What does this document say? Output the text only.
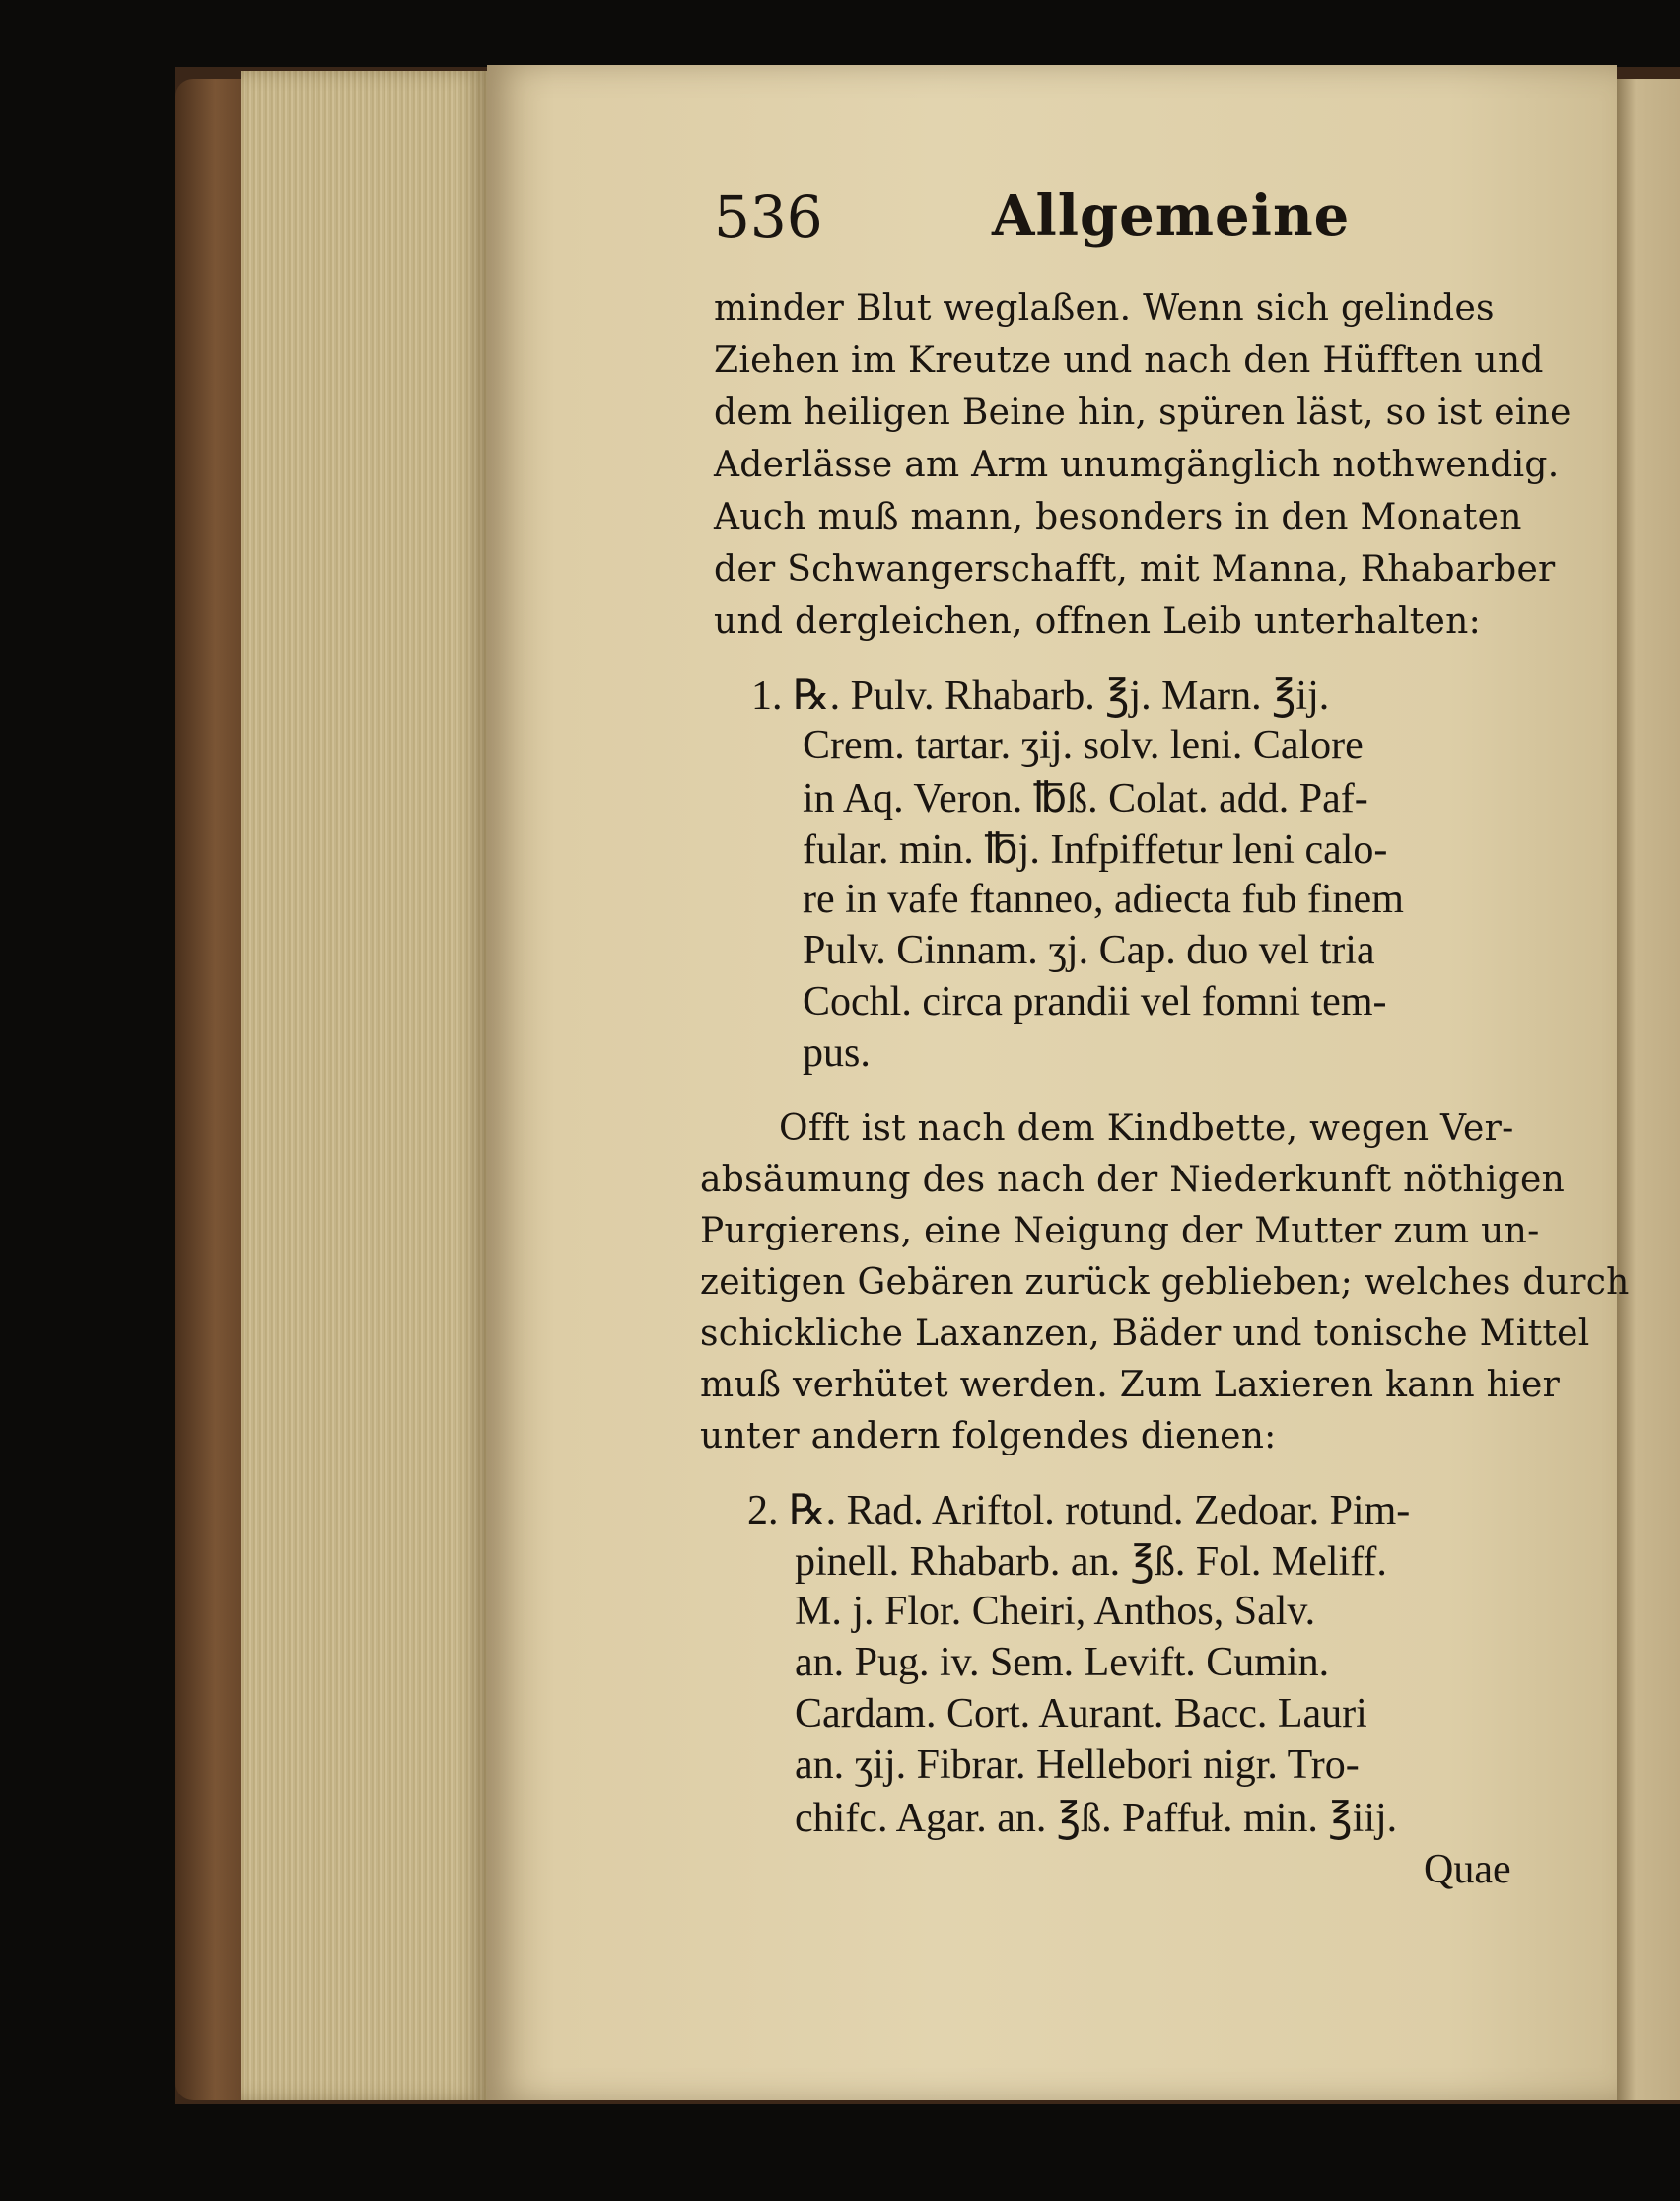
536	Allgemeine
minder Blut weglaßen. Wenn sich gelindes
Ziehen im Kreutze und nach den Hüfften und
dem heiligen Beine hin, spüren läst, so ist eine
Aderlässe am Arm unumgänglich nothwendig.
Auch muß mann, besonders in den Monaten
der Schwangerschafft, mit Manna, Rhabarber
und dergleichen, offnen Leib unterhalten:
1. ℞. Pulv. Rhabarb. ℥j. Marn. ℥ij.
Crem. tartar. ʒij. solv. leni. Calore
in Aq. Veron. ℔ß. Colat. add. Paf-
fular. min. ℔j. Infpiffetur leni calo-
re in vafe ftanneo, adiecta fub finem
Pulv. Cinnam. ʒj. Cap. duo vel tria
Cochl. circa prandii vel fomni tem-
pus.
Offt ist nach dem Kindbette, wegen Ver-
absäumung des nach der Niederkunft nöthigen
Purgierens, eine Neigung der Mutter zum un-
zeitigen Gebären zurück geblieben; welches durch
schickliche Laxanzen, Bäder und tonische Mittel
muß verhütet werden. Zum Laxieren kann hier
unter andern folgendes dienen:
2. ℞. Rad. Ariftol. rotund. Zedoar. Pim-
pinell. Rhabarb. an. ℥ß. Fol. Meliff.
M. j. Flor. Cheiri, Anthos, Salv.
an. Pug. iv. Sem. Levift. Cumin.
Cardam. Cort. Aurant. Bacc. Lauri
an. ʒij. Fibrar. Hellebori nigr. Tro-
chifc. Agar. an. ℥ß. Paffuł. min. ℥iij.
Quae
